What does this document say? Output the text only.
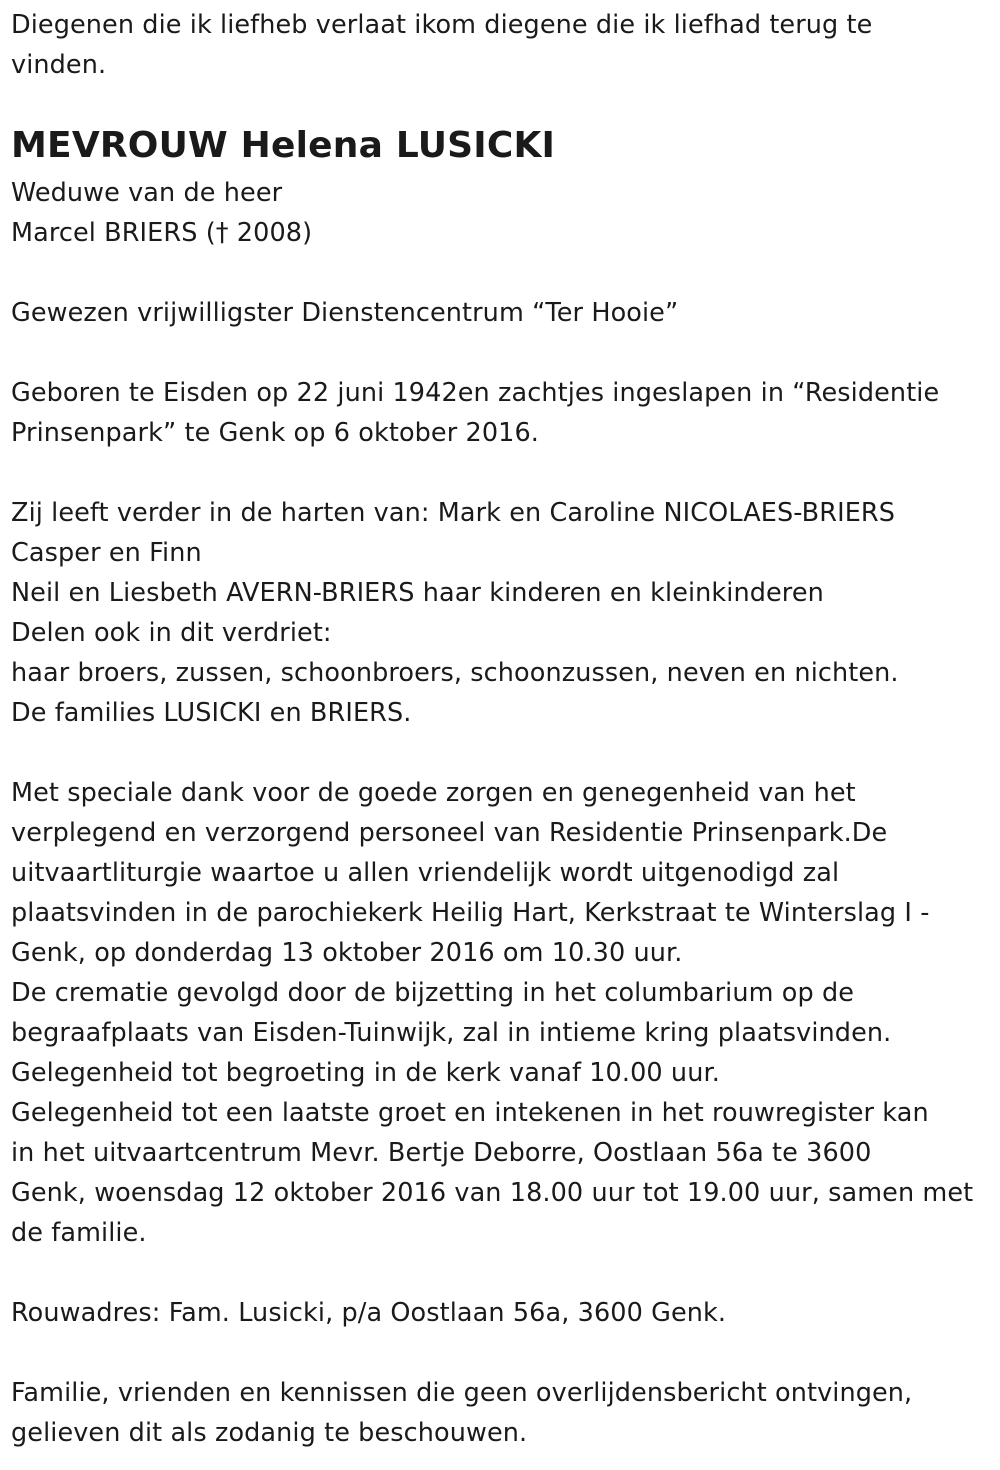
Diegenen die ik liefheb verlaat ikom diegene die ik liefhad terug te
vinden.
MEVROUW Helena LUSICKI
Weduwe van de heer
Marcel BRIERS († 2008)
Gewezen vrijwilligster Dienstencentrum “Ter Hooie”
Geboren te Eisden op 22 juni 1942en zachtjes ingeslapen in “Residentie
Prinsenpark” te Genk op 6 oktober 2016.
Zij leeft verder in de harten van: Mark en Caroline NICOLAES-BRIERS
Casper en Finn
Neil en Liesbeth AVERN-BRIERS haar kinderen en kleinkinderen
Delen ook in dit verdriet:
haar broers, zussen, schoonbroers, schoonzussen, neven en nichten.
De families LUSICKI en BRIERS.
Met speciale dank voor de goede zorgen en genegenheid van het
verplegend en verzorgend personeel van Residentie Prinsenpark.De
uitvaartliturgie waartoe u allen vriendelijk wordt uitgenodigd zal
plaatsvinden in de parochiekerk Heilig Hart, Kerkstraat te Winterslag I -
Genk, op donderdag 13 oktober 2016 om 10.30 uur.
De crematie gevolgd door de bijzetting in het columbarium op de
begraafplaats van Eisden-Tuinwijk, zal in intieme kring plaatsvinden.
Gelegenheid tot begroeting in de kerk vanaf 10.00 uur.
Gelegenheid tot een laatste groet en intekenen in het rouwregister kan
in het uitvaartcentrum Mevr. Bertje Deborre, Oostlaan 56a te 3600
Genk, woensdag 12 oktober 2016 van 18.00 uur tot 19.00 uur, samen met
de familie.
Rouwadres: Fam. Lusicki, p/a Oostlaan 56a, 3600 Genk.
Familie, vrienden en kennissen die geen overlijdensbericht ontvingen,
gelieven dit als zodanig te beschouwen.
